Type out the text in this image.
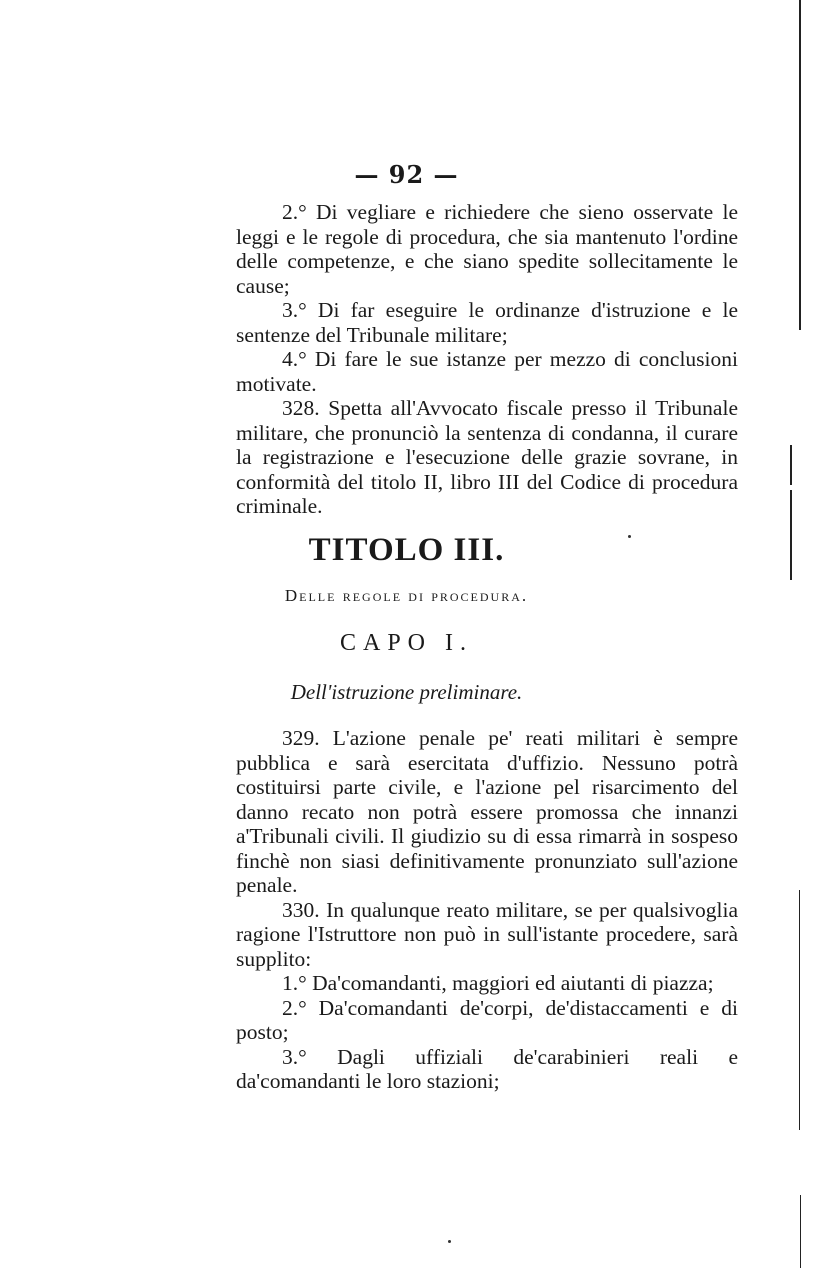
— 92 —

2.° Di vegliare e richiedere che sieno osservate le leggi e le regole di procedura, che sia mantenuto l'ordine delle competenze, e che siano spedite sollecitamente le cause;

3.° Di far eseguire le ordinanze d'istruzione e le sentenze del Tribunale militare;

4.° Di fare le sue istanze per mezzo di conclusioni motivate.

328. Spetta all'Avvocato fiscale presso il Tribunale militare, che pronunciò la sentenza di condanna, il curare la registrazione e l'esecuzione delle grazie sovrane, in conformità del titolo II, libro III del Codice di procedura criminale.

TITOLO III.
Delle regole di procedura.
CAPO I.
Dell'istruzione preliminare.

329. L'azione penale pe' reati militari è sempre pubblica e sarà esercitata d'uffizio. Nessuno potrà costituirsi parte civile, e l'azione pel risarcimento del danno recato non potrà essere promossa che innanzi a'Tribunali civili. Il giudizio su di essa rimarrà in sospeso finchè non siasi definitivamente pronunziato sull'azione penale.

330. In qualunque reato militare, se per qualsivoglia ragione l'Istruttore non può in sull'istante procedere, sarà supplito:

1.° Da'comandanti, maggiori ed aiutanti di piazza;

2.° Da'comandanti de'corpi, de'distaccamenti e di posto;

3.° Dagli uffiziali de'carabinieri reali e da'comandanti le loro stazioni;
